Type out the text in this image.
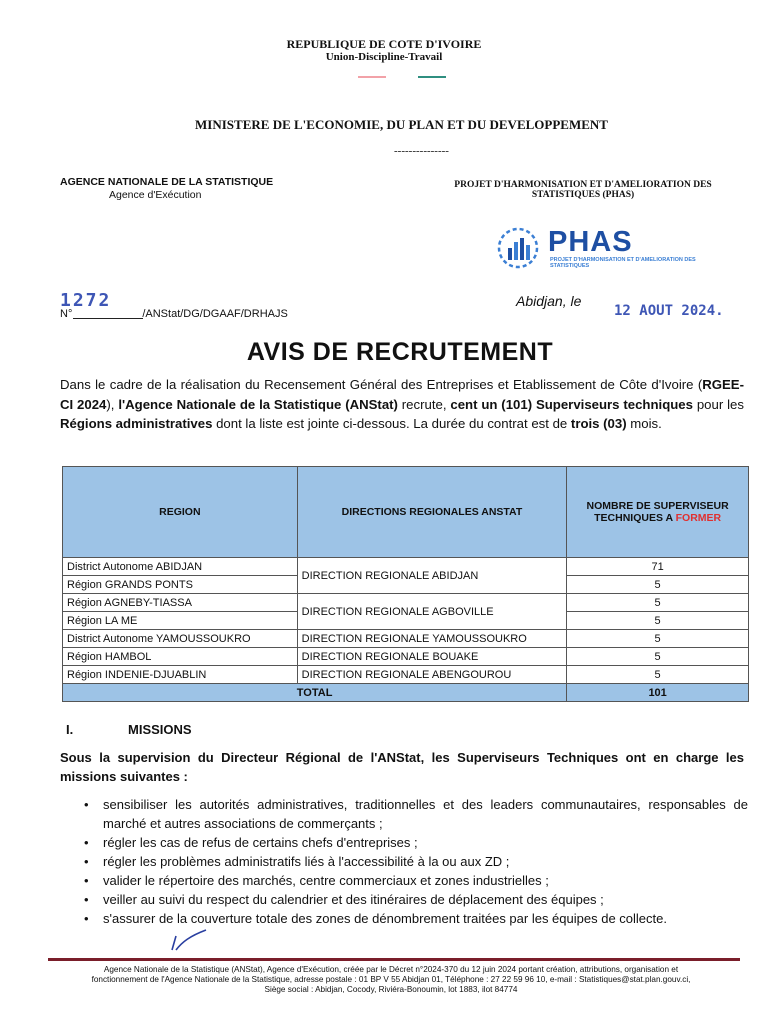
REPUBLIQUE DE COTE D'IVOIRE
Union-Discipline-Travail
MINISTERE DE L'ECONOMIE, DU PLAN ET DU DEVELOPPEMENT
---------------
AGENCE NATIONALE DE LA STATISTIQUE
Agence d'Exécution
PROJET D'HARMONISATION ET D'AMELIORATION DES STATISTIQUES (PHAS)
PHAS
PROJET D'HARMONISATION ET D'AMELIORATION DES STATISTIQUES
1272
N°	/ANStat/DG/DGAAF/DRHAJS
Abidjan, le
12 AOUT 2024.
AVIS DE RECRUTEMENT
Dans le cadre de la réalisation du Recensement Général des Entreprises et Etablissement de Côte d'Ivoire (RGEE-CI 2024), l'Agence Nationale de la Statistique (ANStat) recrute, cent un (101) Superviseurs techniques pour les Régions administratives dont la liste est jointe ci-dessous. La durée du contrat est de trois (03) mois.
REGION	DIRECTIONS REGIONALES ANSTAT	NOMBRE DE SUPERVISEUR
TECHNIQUES A FORMER
District Autonome ABIDJAN	DIRECTION REGIONALE ABIDJAN	71
Région GRANDS PONTS		5
Région AGNEBY-TIASSA	DIRECTION REGIONALE AGBOVILLE	5
Région LA ME		5
District Autonome YAMOUSSOUKRO	DIRECTION REGIONALE YAMOUSSOUKRO	5
Région HAMBOL	DIRECTION REGIONALE BOUAKE	5
Région INDENIE-DJUABLIN	DIRECTION REGIONALE ABENGOUROU	5
TOTAL		101
I.	MISSIONS
Sous la supervision du Directeur Régional de l'ANStat, les Superviseurs Techniques ont en charge les missions suivantes :
• sensibiliser les autorités administratives, traditionnelles et des leaders communautaires, responsables de marché et autres associations de commerçants ;
• régler les cas de refus de certains chefs d'entreprises ;
• régler les problèmes administratifs liés à l'accessibilité à la ou aux ZD ;
• valider le répertoire des marchés, centre commerciaux et zones industrielles ;
• veiller au suivi du respect du calendrier et des itinéraires de déplacement des équipes ;
• s'assurer de la couverture totale des zones de dénombrement traitées par les équipes de collecte.
Agence Nationale de la Statistique (ANStat), Agence d'Exécution, créée par le Décret n°2024-370 du 12 juin 2024 portant création, attributions, organisation et
fonctionnement de l'Agence Nationale de la Statistique, adresse postale : 01 BP V 55 Abidjan 01, Téléphone : 27 22 59 96 10, e-mail : Statistiques@stat.plan.gouv.ci,
Siège social : Abidjan, Cocody, Riviéra-Bonoumin, lot 1883, ilot 84774
